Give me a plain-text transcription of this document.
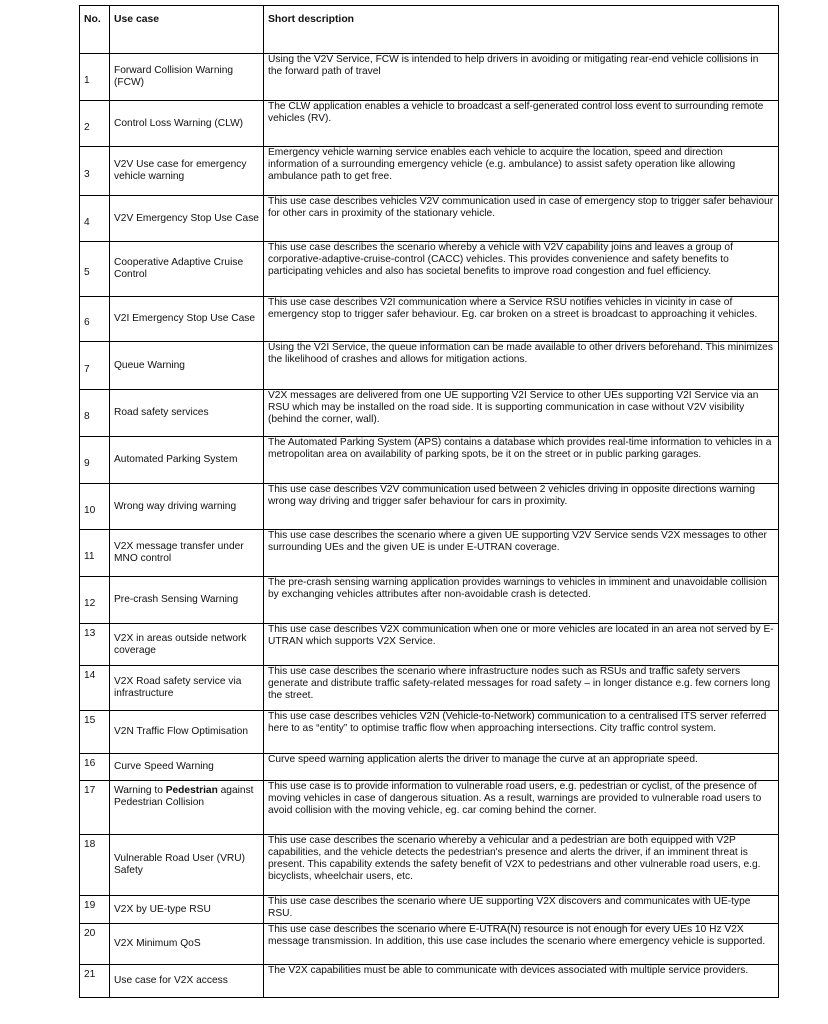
No.	Use case	Short description
1	Forward Collision Warning (FCW)	Using the V2V Service, FCW is intended to help drivers in avoiding or mitigating rear-end vehicle collisions in the forward path of travel
2	Control Loss Warning (CLW)	The CLW application enables a vehicle to broadcast a self-generated control loss event to surrounding remote vehicles (RV).
3	V2V Use case for emergency vehicle warning	Emergency vehicle warning service enables each vehicle to acquire the location, speed and direction information of a surrounding emergency vehicle (e.g. ambulance) to assist safety operation like allowing ambulance path to get free.
4	V2V Emergency Stop Use Case	This use case describes vehicles V2V communication used in case of emergency stop to trigger safer behaviour for other cars in proximity of the stationary vehicle.
5	Cooperative Adaptive Cruise Control	This use case describes the scenario whereby a vehicle with V2V capability joins and leaves a group of corporative-adaptive-cruise-control (CACC) vehicles. This provides convenience and safety benefits to participating vehicles and also has societal benefits to improve road congestion and fuel efficiency.
6	V2I Emergency Stop Use Case	This use case describes V2I communication where a Service RSU notifies vehicles in vicinity in case of emergency stop to trigger safer behaviour. Eg. car broken on a street is broadcast to approaching it vehicles.
7	Queue Warning	Using the V2I Service, the queue information can be made available to other drivers beforehand. This minimizes the likelihood of crashes and allows for mitigation actions.
8	Road safety services	V2X messages are delivered from one UE supporting V2I Service to other UEs supporting V2I Service via an RSU which may be installed on the road side. It is supporting communication in case without V2V visibility (behind the corner, wall).
9	Automated Parking System	The Automated Parking System (APS) contains a database which provides real-time information to vehicles in a metropolitan area on availability of parking spots, be it on the street or in public parking garages.
10	Wrong way driving warning	This use case describes V2V communication used between 2 vehicles driving in opposite directions warning wrong way driving and trigger safer behaviour for cars in proximity.
11	V2X message transfer under MNO control	This use case describes the scenario where a given UE supporting V2V Service sends V2X messages to other surrounding UEs and the given UE is under E-UTRAN coverage.
12	Pre-crash Sensing Warning	The pre-crash sensing warning application provides warnings to vehicles in imminent and unavoidable collision by exchanging vehicles attributes after non-avoidable crash is detected.
13	V2X in areas outside network coverage	This use case describes V2X communication when one or more vehicles are located in an area not served by E-UTRAN which supports V2X Service.
14	V2X Road safety service via infrastructure	This use case describes the scenario where infrastructure nodes such as RSUs and traffic safety servers generate and distribute traffic safety-related messages for road safety – in longer distance e.g. few corners long the street.
15	V2N Traffic Flow Optimisation	This use case describes vehicles V2N (Vehicle-to-Network) communication to a centralised ITS server referred here to as “entity” to optimise traffic flow when approaching intersections. City traffic control system.
16	Curve Speed Warning	Curve speed warning application alerts the driver to manage the curve at an appropriate speed.
17	Warning to Pedestrian against Pedestrian Collision	This use case is to provide information to vulnerable road users, e.g. pedestrian or cyclist, of the presence of moving vehicles in case of dangerous situation. As a result, warnings are provided to vulnerable road users to avoid collision with the moving vehicle, eg. car coming behind the corner.
18	Vulnerable Road User (VRU) Safety	This use case describes the scenario whereby a vehicular and a pedestrian are both equipped with V2P capabilities, and the vehicle detects the pedestrian's presence and alerts the driver, if an imminent threat is present. This capability extends the safety benefit of V2X to pedestrians and other vulnerable road users, e.g. bicyclists, wheelchair users, etc.
19	V2X by UE-type RSU	This use case describes the scenario where UE supporting V2X discovers and communicates with UE-type RSU.
20	V2X Minimum QoS	This use case describes the scenario where E-UTRA(N) resource is not enough for every UEs 10 Hz V2X message transmission. In addition, this use case includes the scenario where emergency vehicle is supported.
21	Use case for V2X access	The V2X capabilities must be able to communicate with devices associated with multiple service providers.
